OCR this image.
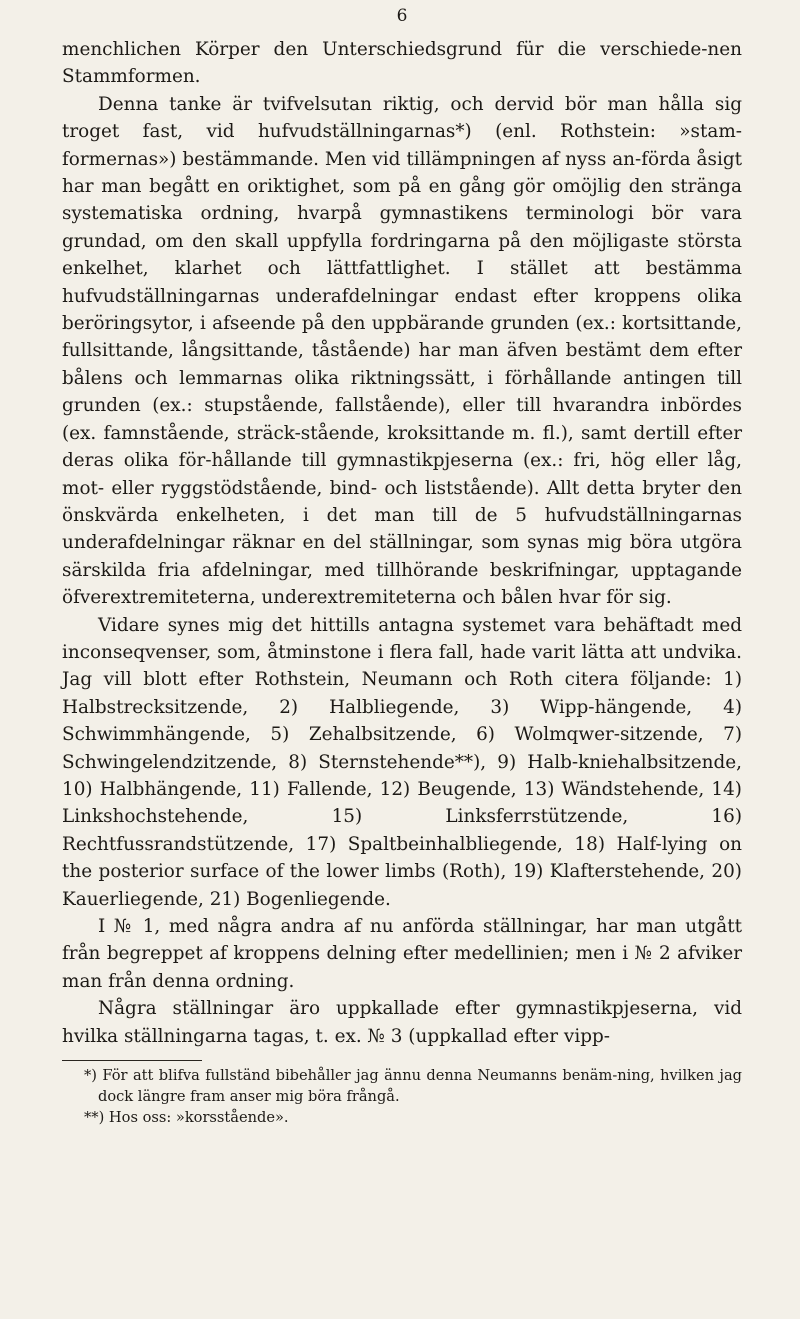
6

menchlichen Körper den Unterschiedsgrund für die verschiede-nen Stammformen.

Denna tanke är tvifvelsutan riktig, och dervid bör man hålla sig troget fast, vid hufvudställningarnas*) (enl. Rothstein: »stam-formernas») bestämmande. Men vid tillämpningen af nyss an-förda åsigt har man begått en oriktighet, som på en gång gör omöjlig den stränga systematiska ordning, hvarpå gymnastikens terminologi bör vara grundad, om den skall uppfylla fordringarna på den möjligaste största enkelhet, klarhet och lättfattlighet. I stället att bestämma hufvudställningarnas underafdelningar endast efter kroppens olika beröringsytor, i afseende på den uppbärande grunden (ex.: kortsittande, fullsittande, långsittande, tåstående) har man äfven bestämt dem efter bålens och lemmarnas olika riktningssätt, i förhållande antingen till grunden (ex.: stupstående, fallstående), eller till hvarandra inbördes (ex. famnstående, sträck-stående, kroksittande m. fl.), samt dertill efter deras olika för-hållande till gymnastikpjeserna (ex.: fri, hög eller låg, mot- eller ryggstödstående, bind- och liststående). Allt detta bryter den önskvärda enkelheten, i det man till de 5 hufvudställningarnas underafdelningar räknar en del ställningar, som synas mig böra utgöra särskilda fria afdelningar, med tillhörande beskrifningar, upptagande öfverextremiteterna, underextremiteterna och bålen hvar för sig.

Vidare synes mig det hittills antagna systemet vara behäftadt med inconseqvenser, som, åtminstone i flera fall, hade varit lätta att undvika. Jag vill blott efter Rothstein, Neumann och Roth citera följande: 1) Halbstrecksitzende, 2) Halbliegende, 3) Wipp-hängende, 4) Schwimmhängende, 5) Zehalbsitzende, 6) Wolmqwer-sitzende, 7) Schwingelendzitzende, 8) Sternstehende**), 9) Halb-kniehalbsitzende, 10) Halbhängende, 11) Fallende, 12) Beugende, 13) Wändstehende, 14) Linkshochstehende, 15) Linksferrstützende, 16) Rechtfussrandstützende, 17) Spaltbeinhalbliegende, 18) Half-lying on the posterior surface of the lower limbs (Roth), 19) Klafterstehende, 20) Kauerliegende, 21) Bogenliegende.

I № 1, med några andra af nu anförda ställningar, har man utgått från begreppet af kroppens delning efter medellinien; men i № 2 afviker man från denna ordning.

Några ställningar äro uppkallade efter gymnastikpjeserna, vid hvilka ställningarna tagas, t. ex. № 3 (uppkallad efter vipp-

*) För att blifva fullständ bibehåller jag ännu denna Neumanns benäm-ning, hvilken jag dock längre fram anser mig böra frångå.

**) Hos oss: »korsstående».
